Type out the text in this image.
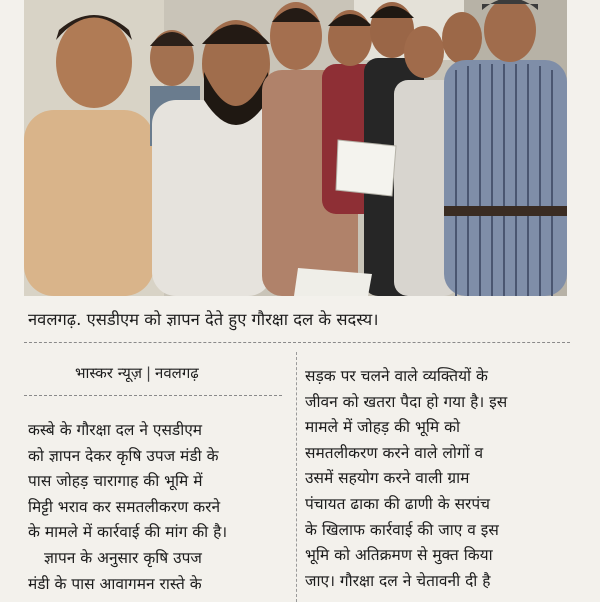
नवलगढ़. एसडीएम को ज्ञापन देते हुए गौरक्षा दल के सदस्य।
भास्कर न्यूज़ | नवलगढ़
कस्बे के गौरक्षा दल ने एसडीएम
को ज्ञापन देकर कृषि उपज मंडी के
पास जोहड़ चारागाह की भूमि में
मिट्टी भराव कर समतलीकरण करने
के मामले में कार्रवाई की मांग की है।
ज्ञापन के अनुसार कृषि उपज
मंडी के पास आवागमन रास्ते के
सड़क पर चलने वाले व्यक्तियों के
जीवन को खतरा पैदा हो गया है। इस
मामले में जोहड़ की भूमि को
समतलीकरण करने वाले लोगों व
उसमें सहयोग करने वाली ग्राम
पंचायत ढाका की ढाणी के सरपंच
के खिलाफ कार्रवाई की जाए व इस
भूमि को अतिक्रमण से मुक्त किया
जाए। गौरक्षा दल ने चेतावनी दी है
